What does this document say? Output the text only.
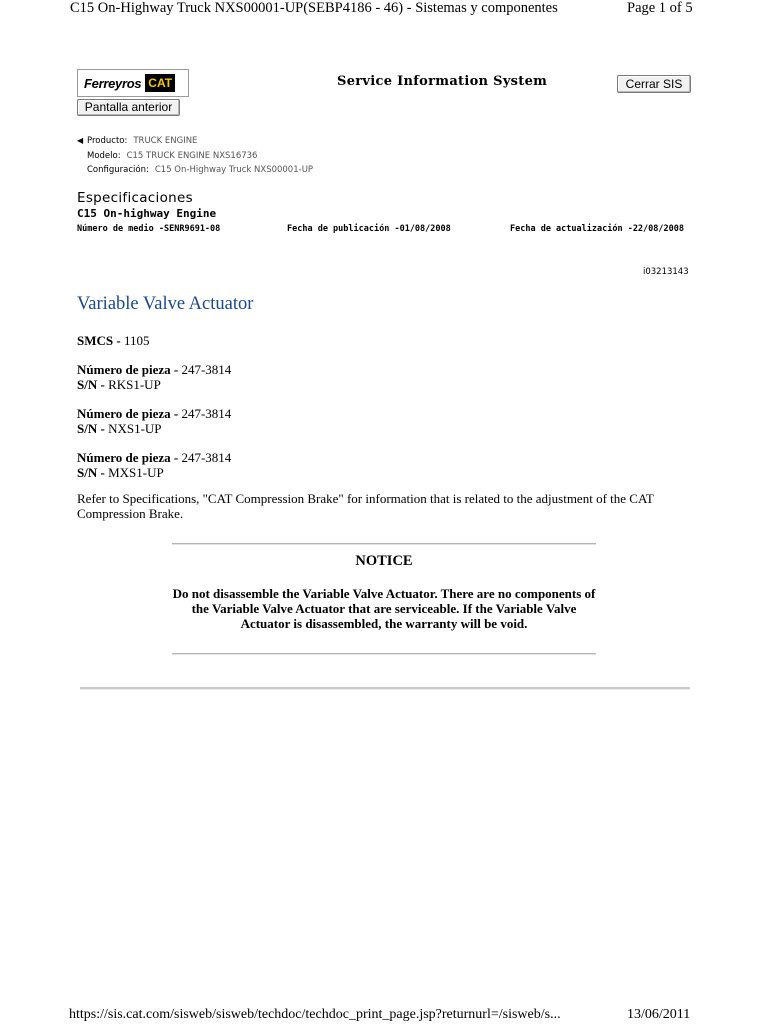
C15 On-Highway Truck NXS00001-UP(SEBP4186 - 46) - Sistemas y componentes	Page 1 of 5
Ferreyros CAT	Service Information System	Cerrar SIS
Pantalla anterior
◀ Producto: TRUCK ENGINE
Modelo: C15 TRUCK ENGINE NXS16736
Configuración: C15 On-Highway Truck NXS00001-UP
Especificaciones
C15 On-highway Engine
Número de medio -SENR9691-08	Fecha de publicación -01/08/2008	Fecha de actualización -22/08/2008
i03213143
Variable Valve Actuator
SMCS - 1105
Número de pieza - 247-3814
S/N - RKS1-UP
Número de pieza - 247-3814
S/N - NXS1-UP
Número de pieza - 247-3814
S/N - MXS1-UP
Refer to Specifications, "CAT Compression Brake" for information that is related to the adjustment of the CAT Compression Brake.
NOTICE
Do not disassemble the Variable Valve Actuator. There are no components of the Variable Valve Actuator that are serviceable. If the Variable Valve Actuator is disassembled, the warranty will be void.
https://sis.cat.com/sisweb/sisweb/techdoc/techdoc_print_page.jsp?returnurl=/sisweb/s...	13/06/2011
